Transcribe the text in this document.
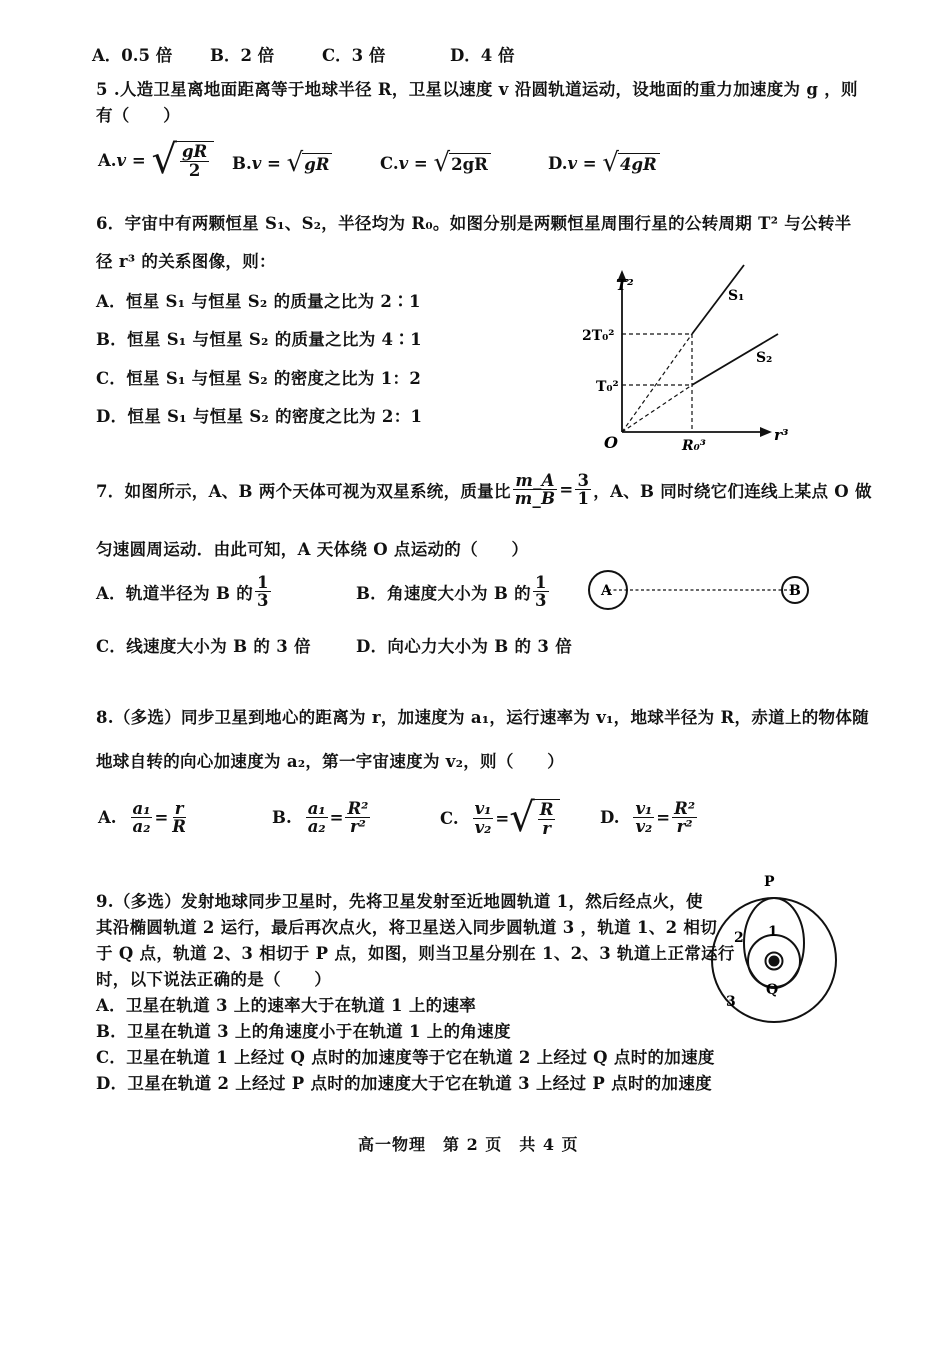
A．0.5 倍 B．2 倍	C．3 倍	D．4 倍
5 .人造卫星离地面距离等于地球半径 R，卫星以速度 v 沿圆轨道运动，设地面的重力加速度为 g ，则
有（　　）
A. v = √ $\frac{gR}{2} B$. v = √ gR	C. v = √ 2gR	D. v = √ 4gR
6．宇宙中有两颗恒星 S₁、S₂，半径均为 R₀。如图分别是两颗恒星周围行星的公转周期 T² 与公转半
径 r³ 的关系图像，则：
A．恒星 S₁ 与恒星 S₂ 的质量之比为 2∶1
B．恒星 S₁ 与恒星 S₂ 的质量之比为 4∶1
C．恒星 S₁ 与恒星 S₂ 的密度之比为 1：2
D．恒星 S₁ 与恒星 S₂ 的密度之比为 2：1
T²
r³
O
2T₀²
T₀²
R₀³
S₁
S₂
7．如图所示，A、B 两个天体可视为双星系统，质量比 $\frac{m\_A}{m\_B} = \frac{3}{1}$ ，A、B 同时绕它们连线上某点 O 做
匀速圆周运动．由此可知，A 天体绕 O 点运动的（　　）
A．轨道半径为 B 的 $\frac{1}{3}$	B．角速度大小为 B 的 $\frac{1}{3}$
C．线速度大小为 B 的 3 倍	D．向心力大小为 B 的 3 倍
A	B
8.（多选）同步卫星到地心的距离为 r，加速度为 a₁，运行速率为 v₁，地球半径为 R，赤道上的物体随
地球自转的向心加速度为 a₂，第一宇宙速度为 v₂，则（　　）
A. $\frac{\text{a₁}}{\text{a₂}} = \frac{r}{R}$	B. $\frac{\text{a₁}}{\text{a₂}} = \frac{\text{R²}}{\text{r²}}$	C. $\frac{\text{v₁}}{\text{v₂}}$ = √ $\frac{R}{r}$	D. $\frac{\text{v₁}}{\text{v₂}} = \frac{\text{R²}}{\text{r²}}$
9.（多选）发射地球同步卫星时，先将卫星发射至近地圆轨道 1，然后经点火，使
其沿椭圆轨道 2 运行，最后再次点火，将卫星送入同步圆轨道 3 ，轨道 1、2 相切
于 Q 点，轨道 2、3 相切于 P 点，如图，则当卫星分别在 1、2、3 轨道上正常运行
时，以下说法正确的是（　　）
A．卫星在轨道 3 上的速率大于在轨道 1 上的速率
B．卫星在轨道 3 上的角速度小于在轨道 1 上的角速度
C．卫星在轨道 1 上经过 Q 点时的加速度等于它在轨道 2 上经过 Q 点时的加速度
D．卫星在轨道 2 上经过 P 点时的加速度大于它在轨道 3 上经过 P 点时的加速度
P
Q
1
2
3
高一物理　第 2 页　共 4 页
